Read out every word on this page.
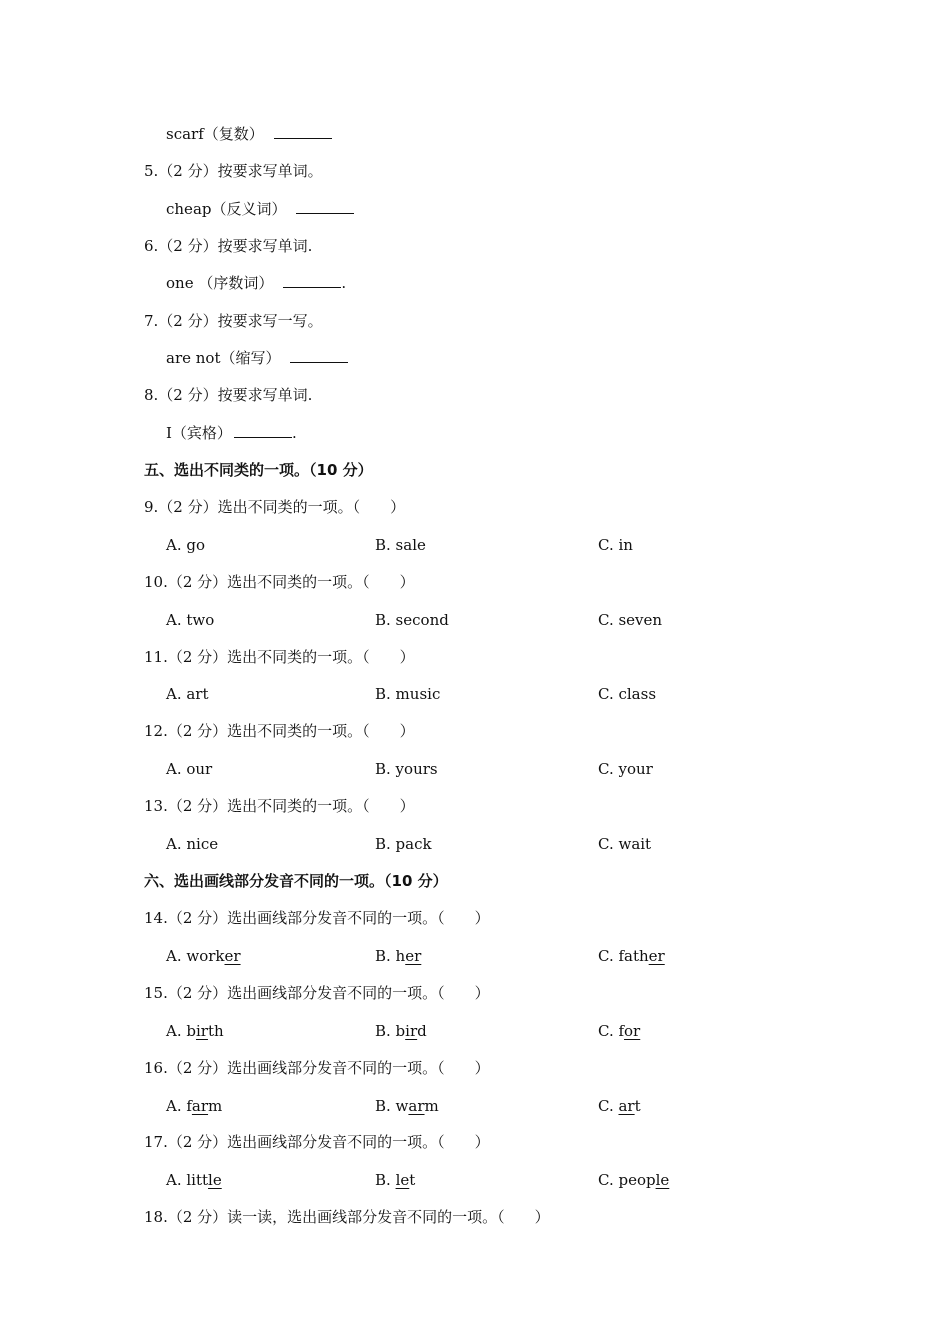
scarf（复数）
5.（2 分）按要求写单词。
cheap（反义词）
6.（2 分）按要求写单词.
one （序数词）	.
7.（2 分）按要求写一写。
are not（缩写）
8.（2 分）按要求写单词.
I（宾格）	.
五、选出不同类的一项。（10 分）
9.（2 分）选出不同类的一项。（　　）
A. go	B. sale	C. in
10.（2 分）选出不同类的一项。（　　）
A. two	B. second	C. seven
11.（2 分）选出不同类的一项。（　　）
A. art	B. music	C. class
12.（2 分）选出不同类的一项。（　　）
A. our	B. yours	C. your
13.（2 分）选出不同类的一项。（　　）
A. nice	B. pack	C. wait
六、选出画线部分发音不同的一项。（10 分）
14.（2 分）选出画线部分发音不同的一项。（　　）
A. worker	B. her	C. father
15.（2 分）选出画线部分发音不同的一项。（　　）
A. birth	B. bird	C. for
16.（2 分）选出画线部分发音不同的一项。（　　）
A. farm	B. warm	C. art
17.（2 分）选出画线部分发音不同的一项。（　　）
A. little	B. let	C. people
18.（2 分）读一读，选出画线部分发音不同的一项。（　　）
